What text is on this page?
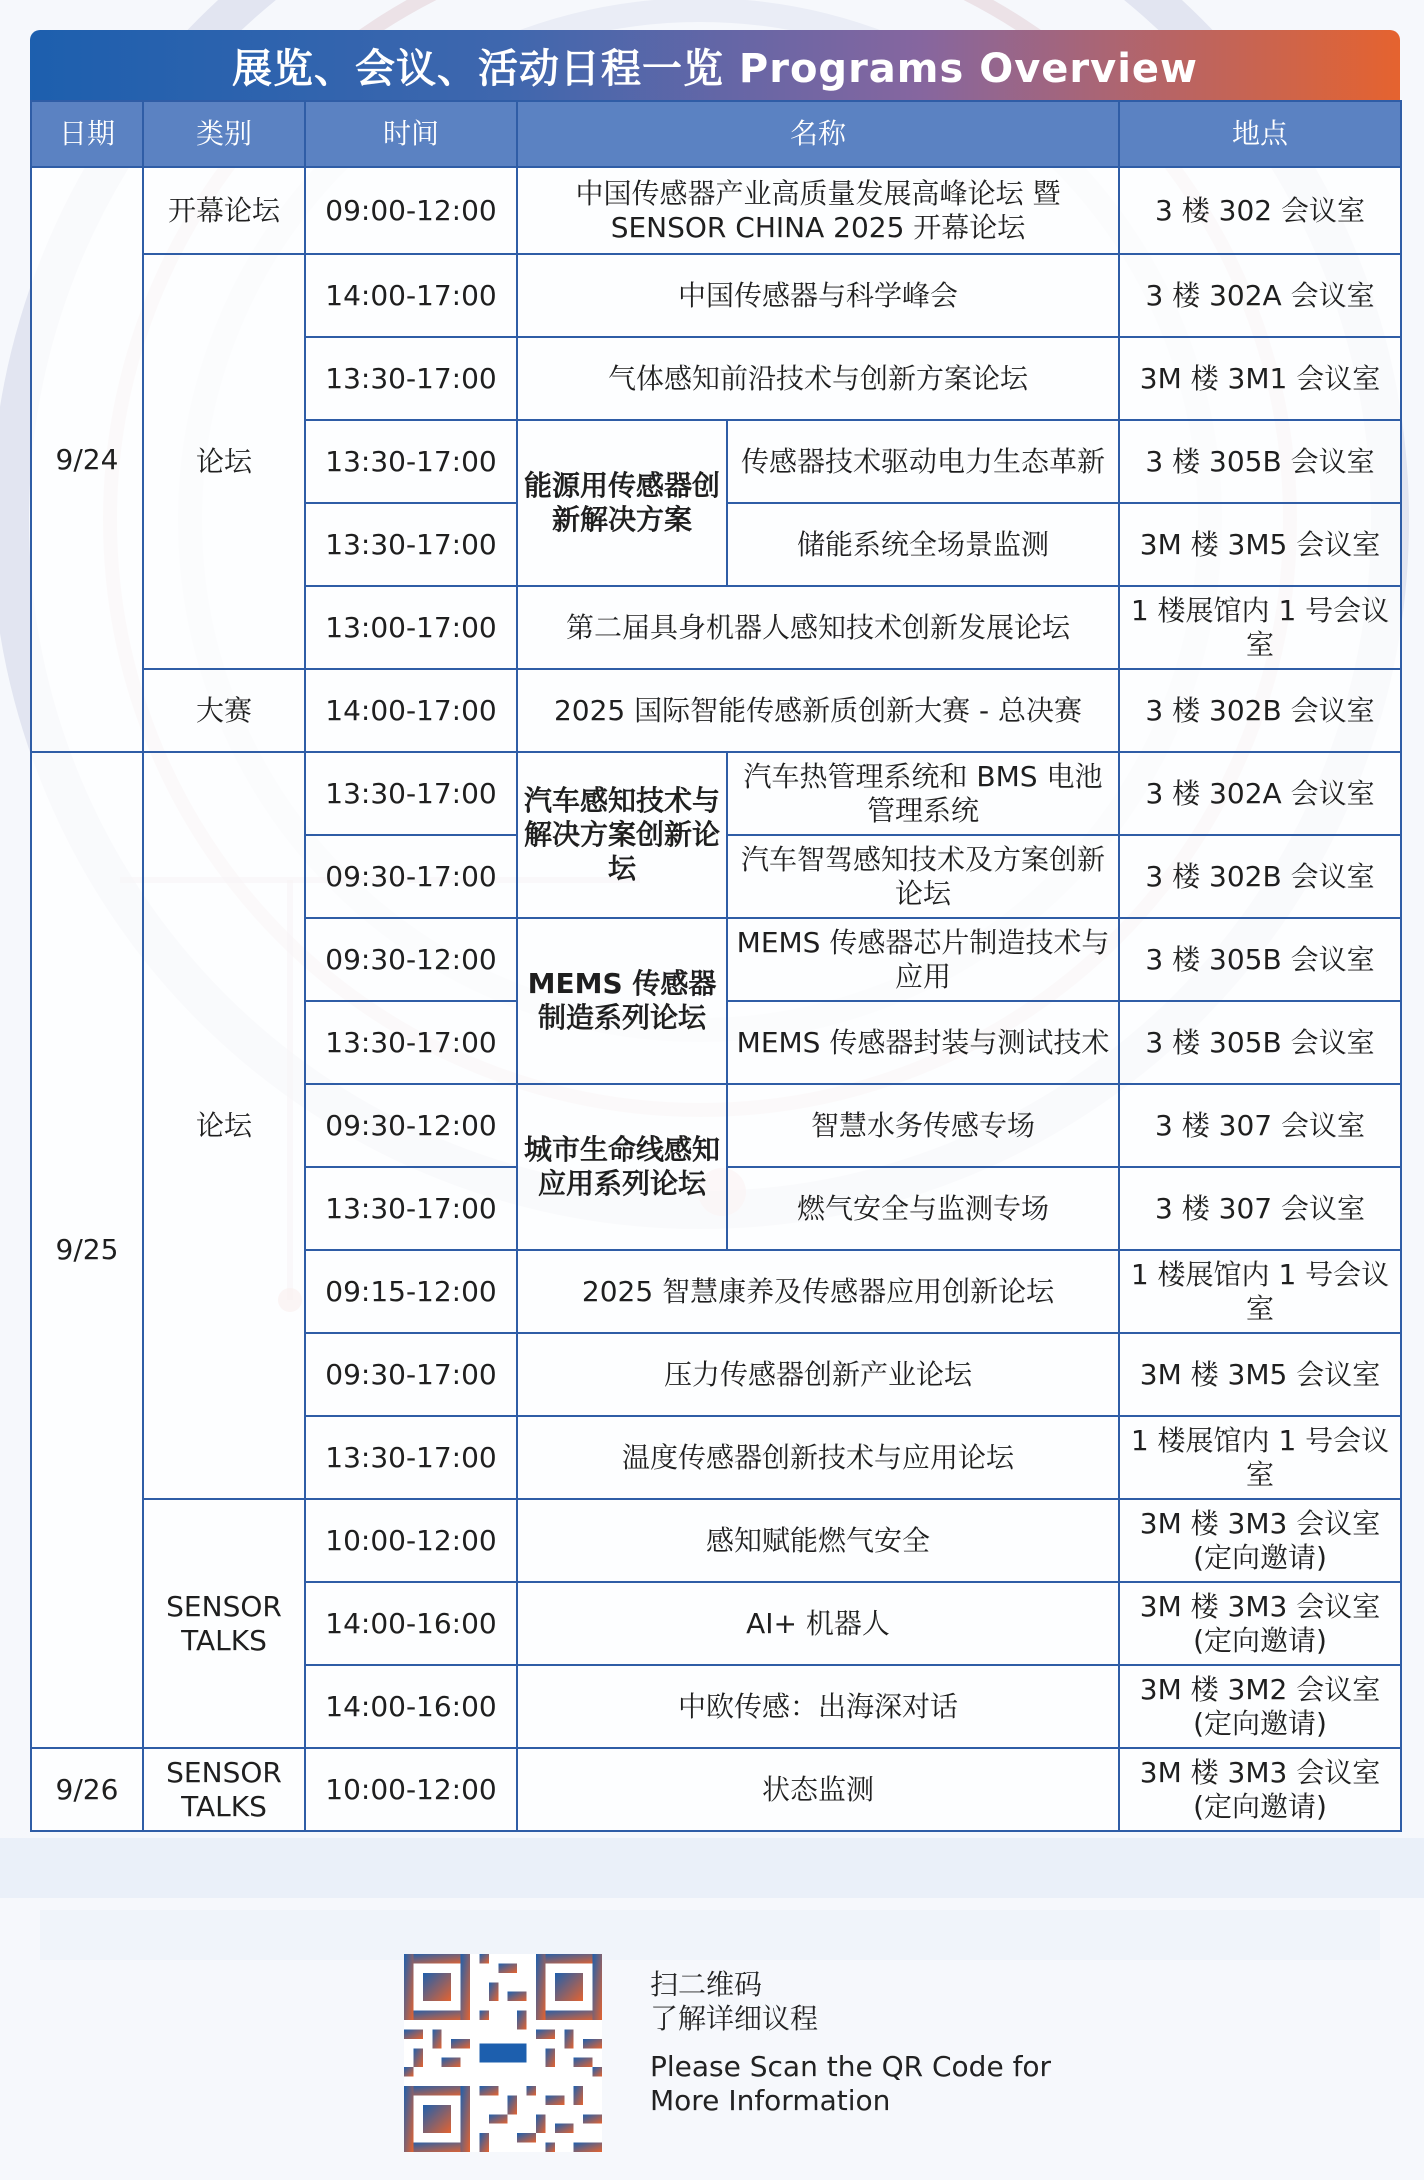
展览、会议、活动日程一览 Programs Overview
日期	类别	时间	名称		地点
9/24	开幕论坛	09:00-12:00	中国传感器产业高质量发展高峰论坛 暨 SENSOR CHINA 2025 开幕论坛		3 楼 302 会议室
	论坛	14:00-17:00	中国传感器与科学峰会		3 楼 302A 会议室
		13:30-17:00	气体感知前沿技术与创新方案论坛		3M 楼 3M1 会议室
		13:30-17:00	能源用传感器创新解决方案	传感器技术驱动电力生态革新	3 楼 305B 会议室
		13:30-17:00		储能系统全场景监测	3M 楼 3M5 会议室
		13:00-17:00	第二届具身机器人感知技术创新发展论坛		1 楼展馆内 1 号会议室
	大赛	14:00-17:00	2025 国际智能传感新质创新大赛 - 总决赛		3 楼 302B 会议室
9/25	论坛	13:30-17:00	汽车感知技术与解决方案创新论坛	汽车热管理系统和 BMS 电池管理系统	3 楼 302A 会议室
		09:30-17:00		汽车智驾感知技术及方案创新论坛	3 楼 302B 会议室
		09:30-12:00	MEMS 传感器制造系列论坛	MEMS 传感器芯片制造技术与应用	3 楼 305B 会议室
		13:30-17:00		MEMS 传感器封装与测试技术	3 楼 305B 会议室
		09:30-12:00	城市生命线感知应用系列论坛	智慧水务传感专场	3 楼 307 会议室
		13:30-17:00		燃气安全与监测专场	3 楼 307 会议室
		09:15-12:00	2025 智慧康养及传感器应用创新论坛		1 楼展馆内 1 号会议室
		09:30-17:00	压力传感器创新产业论坛		3M 楼 3M5 会议室
		13:30-17:00	温度传感器创新技术与应用论坛		1 楼展馆内 1 号会议室
	SENSOR TALKS	10:00-12:00	感知赋能燃气安全		3M 楼 3M3 会议室 (定向邀请)
		14:00-16:00	AI+ 机器人		3M 楼 3M3 会议室 (定向邀请)
		14:00-16:00	中欧传感：出海深对话		3M 楼 3M2 会议室 (定向邀请)
9/26	SENSOR TALKS	10:00-12:00	状态监测		3M 楼 3M3 会议室 (定向邀请)
扫二维码
了解详细议程
Please Scan the QR Code for
More Information
